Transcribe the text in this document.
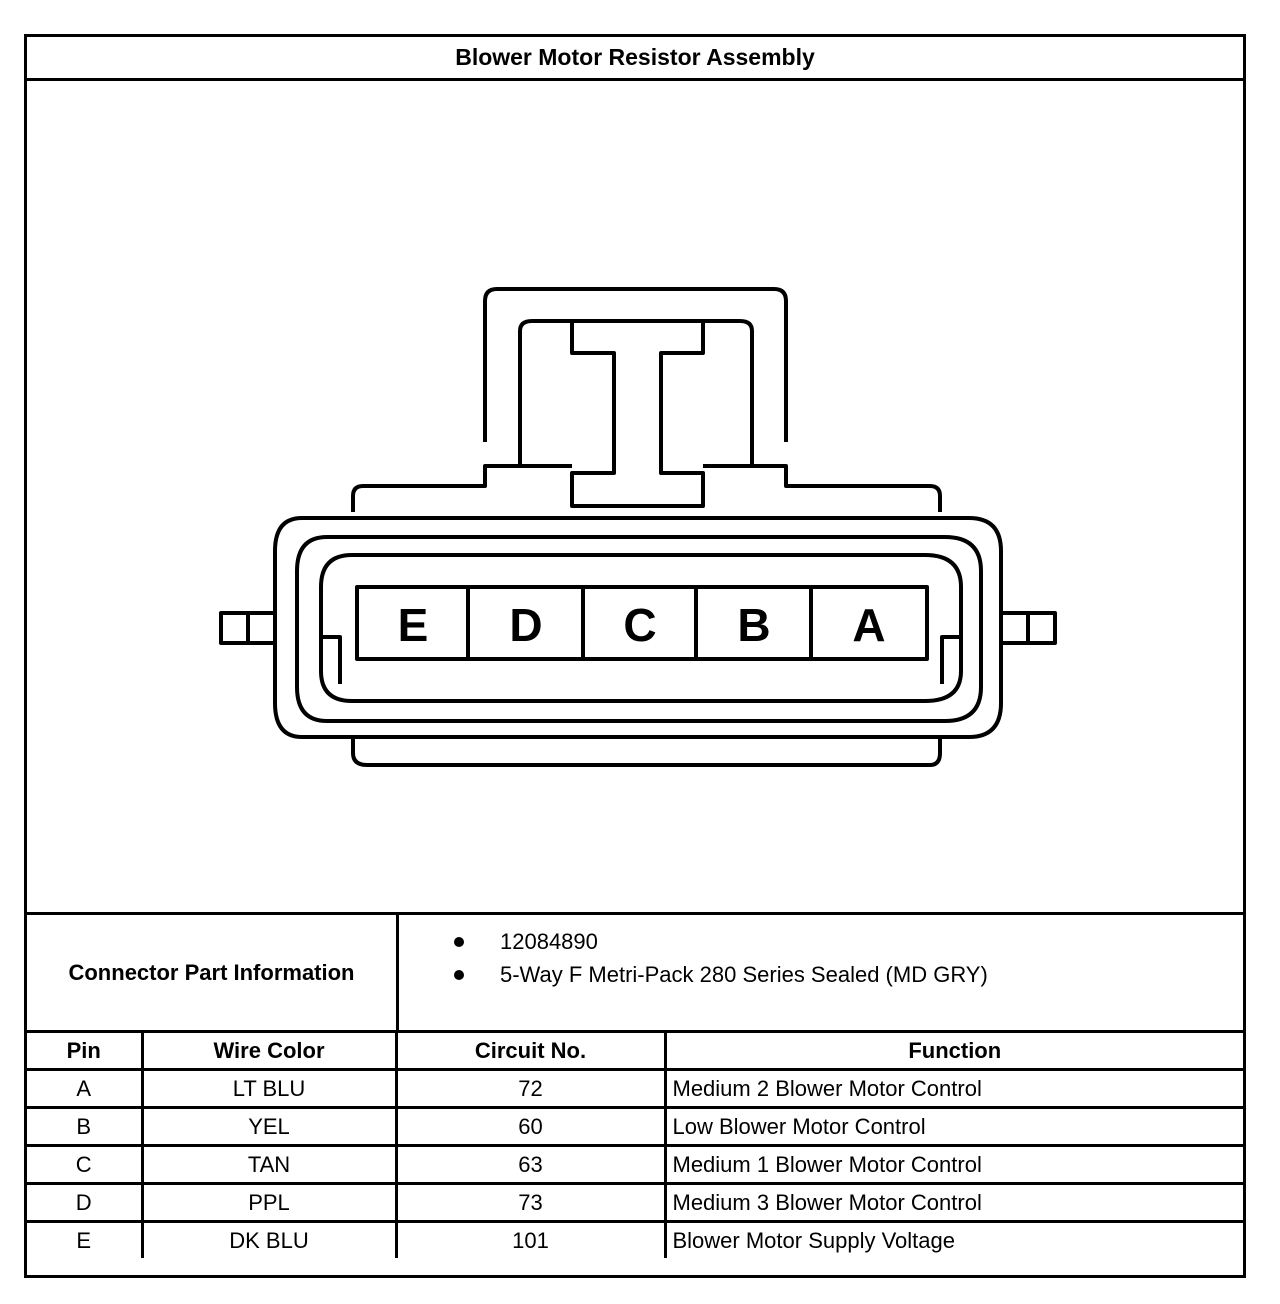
Blower Motor Resistor Assembly
E D C B A
Connector Part Information
12084890
5-Way F Metri-Pack 280 Series Sealed (MD GRY)
Pin	Wire Color	Circuit No.	Function
A	LT BLU	72	Medium 2 Blower Motor Control
B	YEL	60	Low Blower Motor Control
C	TAN	63	Medium 1 Blower Motor Control
D	PPL	73	Medium 3 Blower Motor Control
E	DK BLU	101	Blower Motor Supply Voltage
